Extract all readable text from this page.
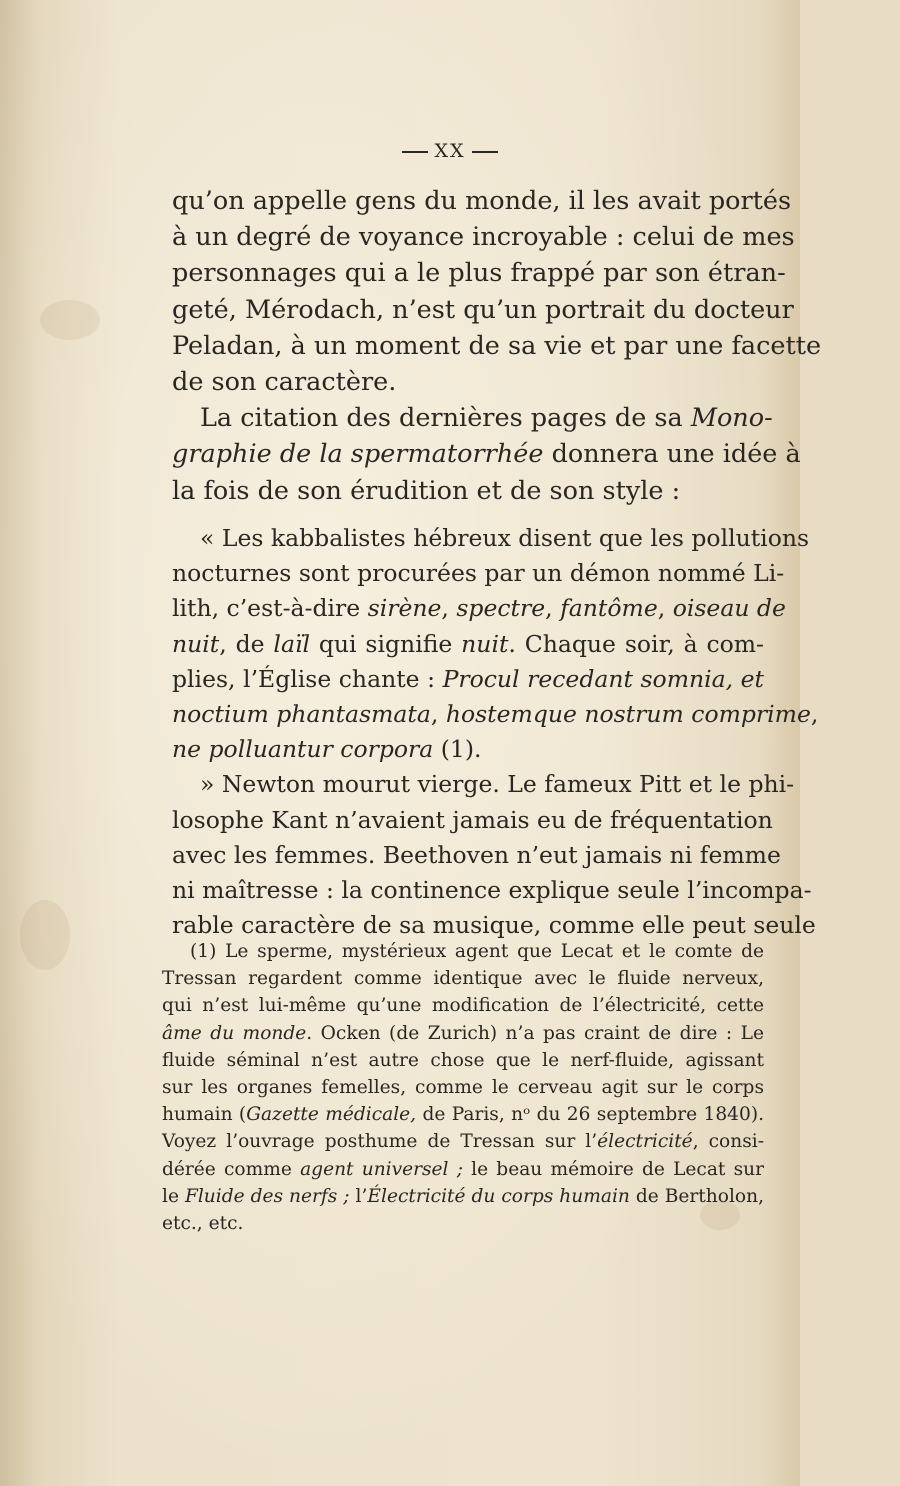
XX

qu’on appelle gens du monde, il les avait portés
à un degré de voyance incroyable : celui de mes
personnages qui a le plus frappé par son étran-
geté, Mérodach, n’est qu’un portrait du docteur
Peladan, à un moment de sa vie et par une facette
de son caractère.

La citation des dernières pages de sa Mono-
graphie de la spermatorrhée donnera une idée à
la fois de son érudition et de son style :

« Les kabbalistes hébreux disent que les pollutions
nocturnes sont procurées par un démon nommé Li-
lith, c’est-à-dire sirène, spectre, fantôme, oiseau de
nuit, de laïl qui signifie nuit. Chaque soir, à com-
plies, l’Église chante : Procul recedant somnia, et
noctium phantasmata, hostemque nostrum comprime,
ne polluantur corpora (1).

» Newton mourut vierge. Le fameux Pitt et le phi-
losophe Kant n’avaient jamais eu de fréquentation
avec les femmes. Beethoven n’eut jamais ni femme
ni maîtresse : la continence explique seule l’incompa-
rable caractère de sa musique, comme elle peut seule

(1) Le sperme, mystérieux agent que Lecat et le comte de
Tressan regardent comme identique avec le fluide nerveux,
qui n’est lui-même qu’une modification de l’électricité, cette
âme du monde. Ocken (de Zurich) n’a pas craint de dire : Le
fluide séminal n’est autre chose que le nerf-fluide, agissant
sur les organes femelles, comme le cerveau agit sur le corps
humain (Gazette médicale, de Paris, nᵒ du 26 septembre 1840).
Voyez l’ouvrage posthume de Tressan sur l’électricité, consi-
dérée comme agent universel ; le beau mémoire de Lecat sur
le Fluide des nerfs ; l’Électricité du corps humain de Bertholon,
etc., etc.
